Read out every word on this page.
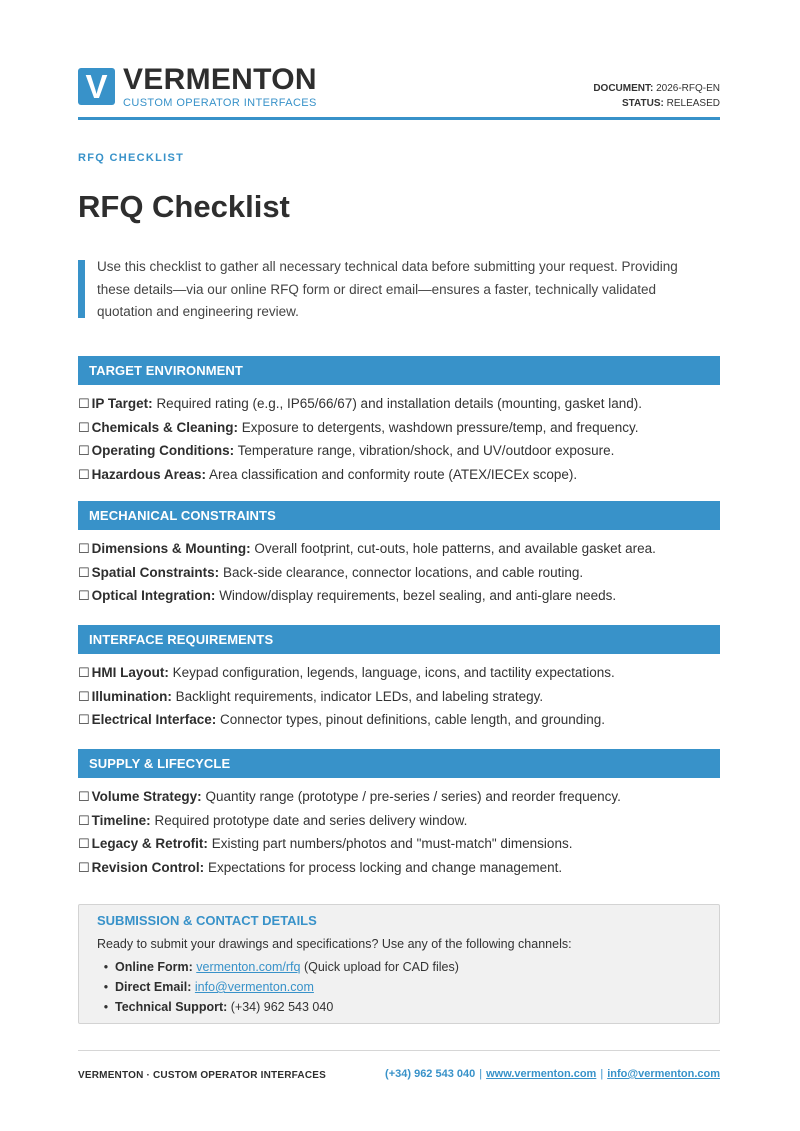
V VERMENTON
CUSTOM OPERATOR INTERFACES
DOCUMENT: 2026-RFQ-EN
STATUS: RELEASED
RFQ CHECKLIST
RFQ Checklist

Use this checklist to gather all necessary technical data before submitting your request. Providing these details—via our online RFQ form or direct email—ensures a faster, technically validated quotation and engineering review.

TARGET ENVIRONMENT
☐ IP Target: Required rating (e.g., IP65/66/67) and installation details (mounting, gasket land).
☐ Chemicals & Cleaning: Exposure to detergents, washdown pressure/temp, and frequency.
☐ Operating Conditions: Temperature range, vibration/shock, and UV/outdoor exposure.
☐ Hazardous Areas: Area classification and conformity route (ATEX/IECEx scope).
MECHANICAL CONSTRAINTS
☐ Dimensions & Mounting: Overall footprint, cut-outs, hole patterns, and available gasket area.
☐ Spatial Constraints: Back-side clearance, connector locations, and cable routing.
☐ Optical Integration: Window/display requirements, bezel sealing, and anti-glare needs.
INTERFACE REQUIREMENTS
☐ HMI Layout: Keypad configuration, legends, language, icons, and tactility expectations.
☐ Illumination: Backlight requirements, indicator LEDs, and labeling strategy.
☐ Electrical Interface: Connector types, pinout definitions, cable length, and grounding.
SUPPLY & LIFECYCLE
☐ Volume Strategy: Quantity range (prototype / pre-series / series) and reorder frequency.
☐ Timeline: Required prototype date and series delivery window.
☐ Legacy & Retrofit: Existing part numbers/photos and "must-match" dimensions.
☐ Revision Control: Expectations for process locking and change management.
SUBMISSION & CONTACT DETAILS
Ready to submit your drawings and specifications? Use any of the following channels:
• Online Form: vermenton.com/rfq (Quick upload for CAD files)
• Direct Email: info@vermenton.com
• Technical Support: (+34) 962 543 040
VERMENTON · CUSTOM OPERATOR INTERFACES	(+34) 962 543 040 | www.vermenton.com | info@vermenton.com
